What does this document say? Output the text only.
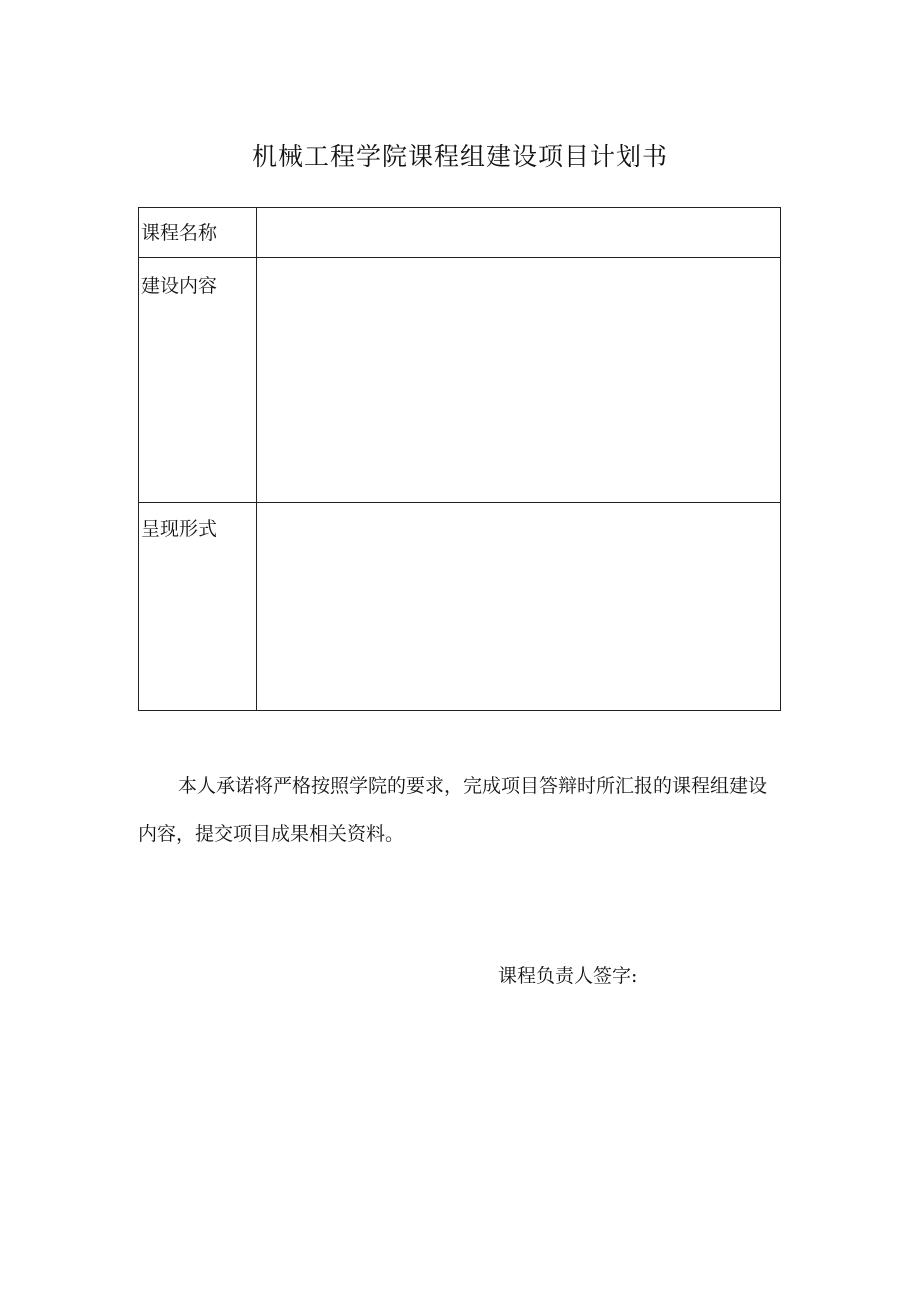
机械工程学院课程组建设项目计划书
课程名称	
建设内容	
呈现形式	

本人承诺将严格按照学院的要求，完成项目答辩时所汇报的课程组建设内容，提交项目成果相关资料。

课程负责人签字:
